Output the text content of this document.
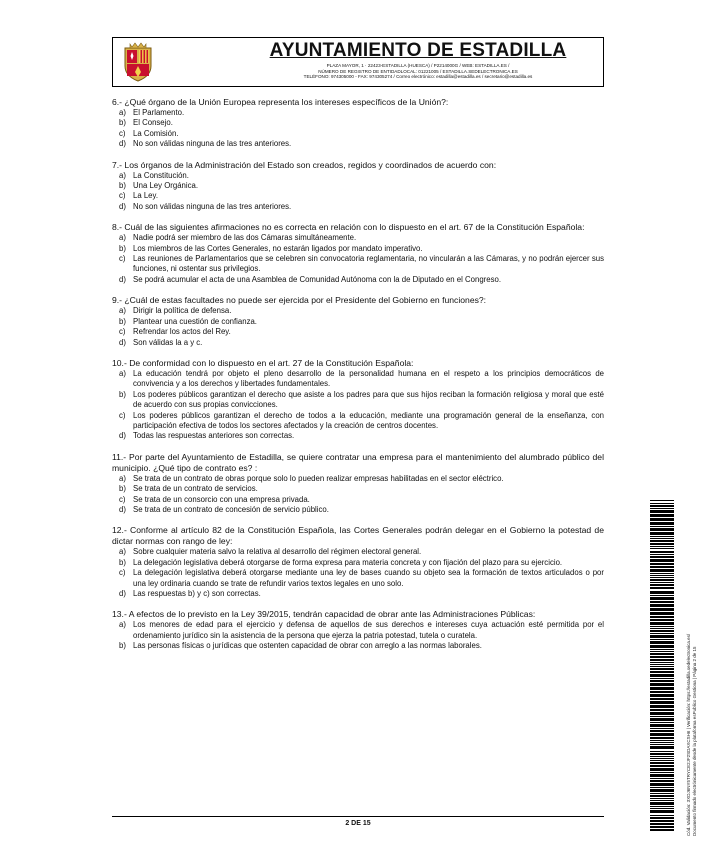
AYUNTAMIENTO DE ESTADILLA
PLAZA MAYOR, 1 · 22423-ESTADILLA (HUESCA) / P2214000G / WEB: ESTADILLA.ES /
NÚMERO DE REGISTRO DE ENTIDADLOCAL: 01221005 / ESTADILLA.SEDELECTRONICA.ES
TELÉFONO: 974305000 - FAX: 974305274 / Correo electrónico: estadilla@estadilla.es / secretario@estadilla.es
6.- ¿Qué órgano de la Unión Europea representa los intereses específicos de la Unión?:
a) El Parlamento.
b) El Consejo.
c) La Comisión.
d) No son válidas ninguna de las tres anteriores.
7.- Los órganos de la Administración del Estado son creados, regidos y coordinados de acuerdo con:
a) La Constitución.
b) Una Ley Orgánica.
c) La Ley.
d) No son válidas ninguna de las tres anteriores.
8.- Cuál de las siguientes afirmaciones no es correcta en relación con lo dispuesto en el art. 67 de la Constitución Española:
a) Nadie podrá ser miembro de las dos Cámaras simultáneamente.
b) Los miembros de las Cortes Generales, no estarán ligados por mandato imperativo.
c) Las reuniones de Parlamentarios que se celebren sin convocatoria reglamentaria, no vincularán a las Cámaras, y no podrán ejercer sus funciones, ni ostentar sus privilegios.
d) Se podrá acumular el acta de una Asamblea de Comunidad Autónoma con la de Diputado en el Congreso.
9.- ¿Cuál de estas facultades no puede ser ejercida por el Presidente del Gobierno en funciones?:
a) Dirigir la política de defensa.
b) Plantear una cuestión de confianza.
c) Refrendar los actos del Rey.
d) Son válidas la a y c.
10.- De conformidad con lo dispuesto en el art. 27 de la Constitución Española:
a) La educación tendrá por objeto el pleno desarrollo de la personalidad humana en el respeto a los principios democráticos de convivencia y a los derechos y libertades fundamentales.
b) Los poderes públicos garantizan el derecho que asiste a los padres para que sus hijos reciban la formación religiosa y moral que esté de acuerdo con sus propias convicciones.
c) Los poderes públicos garantizan el derecho de todos a la educación, mediante una programación general de la enseñanza, con participación efectiva de todos los sectores afectados y la creación de centros docentes.
d) Todas las respuestas anteriores son correctas.
11.- Por parte del Ayuntamiento de Estadilla, se quiere contratar una empresa para el mantenimiento del alumbrado público del municipio. ¿Qué tipo de contrato es? :
a) Se trata de un contrato de obras porque solo lo pueden realizar empresas habilitadas en el sector eléctrico.
b) Se trata de un contrato de servicios.
c) Se trata de un consorcio con una empresa privada.
d) Se trata de un contrato de concesión de servicio público.
12.- Conforme al artículo 82 de la Constitución Española, las Cortes Generales podrán delegar en el Gobierno la potestad de dictar normas con rango de ley:
a) Sobre cualquier materia salvo la relativa al desarrollo del régimen electoral general.
b) La delegación legislativa deberá otorgarse de forma expresa para materia concreta y con fijación del plazo para su ejercicio.
c) La delegación legislativa deberá otorgarse mediante una ley de bases cuando su objeto sea la formación de textos articulados o por una ley ordinaria cuando se trate de refundir varios textos legales en uno solo.
d) Las respuestas b) y c) son correctas.
13.- A efectos de lo previsto en la Ley 39/2015, tendrán capacidad de obrar ante las Administraciones Públicas:
a) Los menores de edad para el ejercicio y defensa de aquellos de sus derechos e intereses cuya actuación esté permitida por el ordenamiento jurídico sin la asistencia de la persona que ejerza la patria potestad, tutela o curatela.
b) Las personas físicas o jurídicas que ostenten capacidad de obrar con arreglo a las normas laborales.
2 DE 15	Cód. Validación: 3XDJ6NY5TRYCE2JF2SDAXCSH6 | Verificación: https://estadilla.sedelectronica.es/ Documento firmado electrónicamente desde la plataforma esPublico Gestiona | Página 2 de 15
